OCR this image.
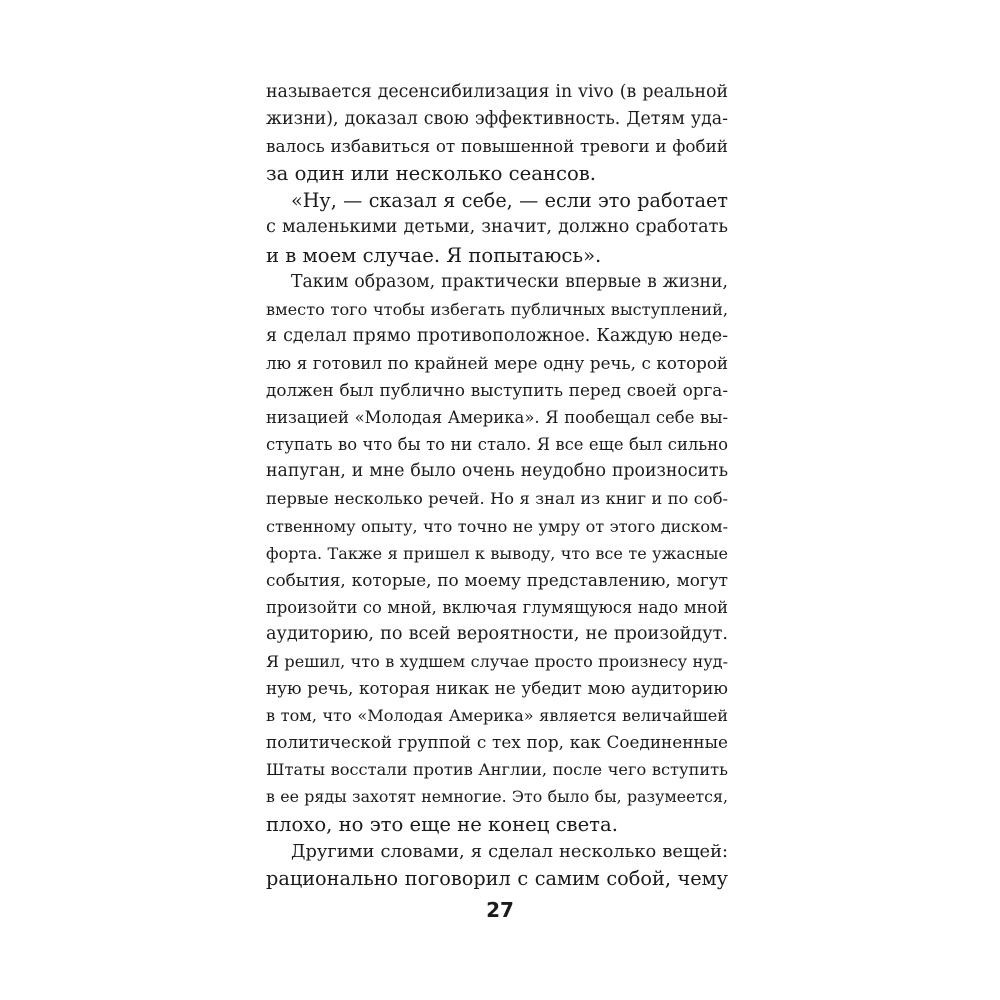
называется десенсибилизация in vivo (в реальной
жизни), доказал свою эффективность. Детям уда-
валось избавиться от повышенной тревоги и фобий
за один или несколько сеансов.
«Ну, — сказал я себе, — если это работает
с маленькими детьми, значит, должно сработать
и в моем случае. Я попытаюсь».
Таким образом, практически впервые в жизни,
вместо того чтобы избегать публичных выступлений,
я сделал прямо противоположное. Каждую неде-
лю я готовил по крайней мере одну речь, с которой
должен был публично выступить перед своей орга-
низацией «Молодая Америка». Я пообещал себе вы-
ступать во что бы то ни стало. Я все еще был сильно
напуган, и мне было очень неудобно произносить
первые несколько речей. Но я знал из книг и по соб-
ственному опыту, что точно не умру от этого диском-
форта. Также я пришел к выводу, что все те ужасные
события, которые, по моему представлению, могут
произойти со мной, включая глумящуюся надо мной
аудиторию, по всей вероятности, не произойдут.
Я решил, что в худшем случае просто произнесу нуд-
ную речь, которая никак не убедит мою аудиторию
в том, что «Молодая Америка» является величайшей
политической группой с тех пор, как Соединенные
Штаты восстали против Англии, после чего вступить
в ее ряды захотят немногие. Это было бы, разумеется,
плохо, но это еще не конец света.
Другими словами, я сделал несколько вещей:
рационально поговорил с самим собой, чему
27
